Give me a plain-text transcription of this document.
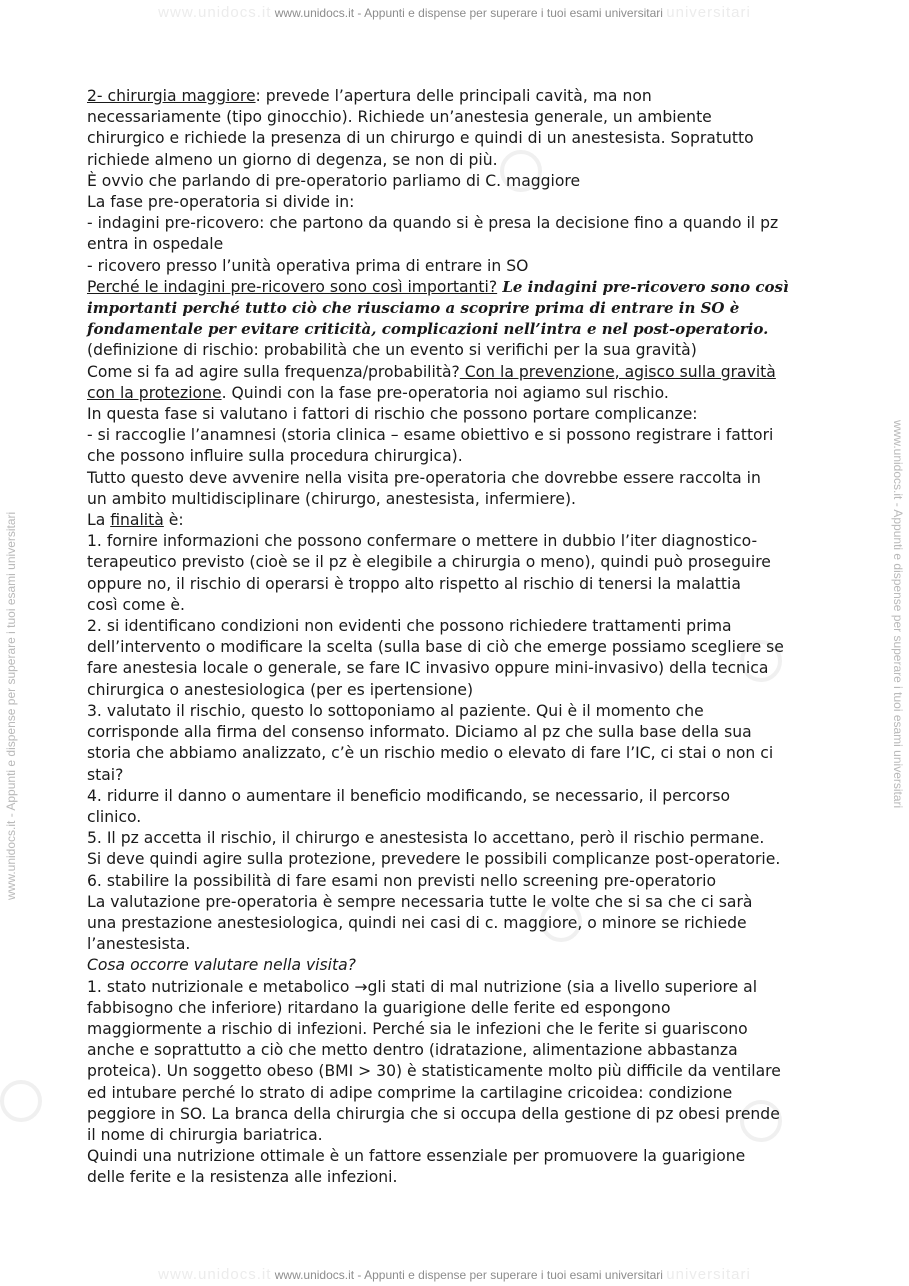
www.unidocs.it www.unidocs.it - Appunti e dispense per superare i tuoi esami universitari universitari
www.unidocs.it - Appunti e dispense per superare i tuoi esami universitari	www.unidocs.it - Appunti e dispense per superare i tuoi esami universitari

2- chirurgia maggiore: prevede l’apertura delle principali cavità, ma non

necessariamente (tipo ginocchio). Richiede un’anestesia generale, un ambiente

chirurgico e richiede la presenza di un chirurgo e quindi di un anestesista. Sopratutto

richiede almeno un giorno di degenza, se non di più.

È ovvio che parlando di pre-operatorio parliamo di C. maggiore

La fase pre-operatoria si divide in:

- indagini pre-ricovero: che partono da quando si è presa la decisione fino a quando il pz

entra in ospedale

- ricovero presso l’unità operativa prima di entrare in SO

Perché le indagini pre-ricovero sono così importanti? Le indagini pre-ricovero sono così

importanti perché tutto ciò che riusciamo a scoprire prima di entrare in SO è

fondamentale per evitare criticità, complicazioni nell’intra e nel post-operatorio.

(definizione di rischio: probabilità che un evento si verifichi per la sua gravità)

Come si fa ad agire sulla frequenza/probabilità? Con la prevenzione, agisco sulla gravità

con la protezione. Quindi con la fase pre-operatoria noi agiamo sul rischio.

In questa fase si valutano i fattori di rischio che possono portare complicanze:

- si raccoglie l’anamnesi (storia clinica – esame obiettivo e si possono registrare i fattori

che possono influire sulla procedura chirurgica).

Tutto questo deve avvenire nella visita pre-operatoria che dovrebbe essere raccolta in

un ambito multidisciplinare (chirurgo, anestesista, infermiere).

La finalità è:

1. fornire informazioni che possono confermare o mettere in dubbio l’iter diagnostico-

terapeutico previsto (cioè se il pz è elegibile a chirurgia o meno), quindi può proseguire

oppure no, il rischio di operarsi è troppo alto rispetto al rischio di tenersi la malattia

così come è.

2. si identificano condizioni non evidenti che possono richiedere trattamenti prima

dell’intervento o modificare la scelta (sulla base di ciò che emerge possiamo scegliere se

fare anestesia locale o generale, se fare IC invasivo oppure mini-invasivo) della tecnica

chirurgica o anestesiologica (per es ipertensione)

3. valutato il rischio, questo lo sottoponiamo al paziente. Qui è il momento che

corrisponde alla firma del consenso informato. Diciamo al pz che sulla base della sua

storia che abbiamo analizzato, c’è un rischio medio o elevato di fare l’IC, ci stai o non ci

stai?

4. ridurre il danno o aumentare il beneficio modificando, se necessario, il percorso

clinico.

5. Il pz accetta il rischio, il chirurgo e anestesista lo accettano, però il rischio permane.

Si deve quindi agire sulla protezione, prevedere le possibili complicanze post-operatorie.

6. stabilire la possibilità di fare esami non previsti nello screening pre-operatorio

La valutazione pre-operatoria è sempre necessaria tutte le volte che si sa che ci sarà

una prestazione anestesiologica, quindi nei casi di c. maggiore, o minore se richiede

l’anestesista.

Cosa occorre valutare nella visita?

1. stato nutrizionale e metabolico →gli stati di mal nutrizione (sia a livello superiore al

fabbisogno che inferiore) ritardano la guarigione delle ferite ed espongono

maggiormente a rischio di infezioni. Perché sia le infezioni che le ferite si guariscono

anche e soprattutto a ciò che metto dentro (idratazione, alimentazione abbastanza

proteica). Un soggetto obeso (BMI > 30) è statisticamente molto più difficile da ventilare

ed intubare perché lo strato di adipe comprime la cartilagine cricoidea: condizione

peggiore in SO. La branca della chirurgia che si occupa della gestione di pz obesi prende

il nome di chirurgia bariatrica.

Quindi una nutrizione ottimale è un fattore essenziale per promuovere la guarigione

delle ferite e la resistenza alle infezioni.

www.unidocs.it www.unidocs.it - Appunti e dispense per superare i tuoi esami universitari universitari
